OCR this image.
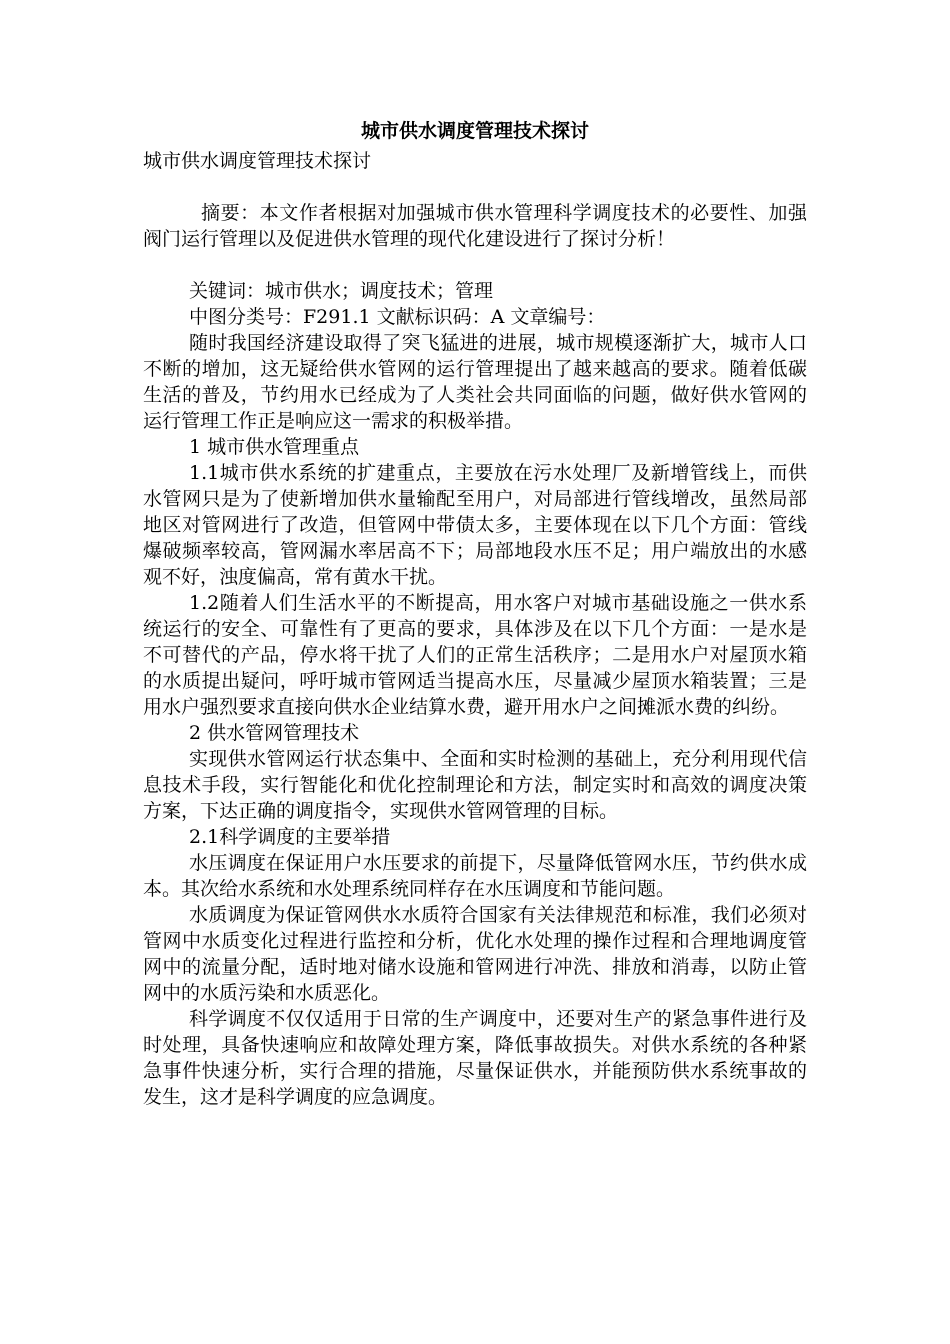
城市供水调度管理技术探讨

城市供水调度管理技术探讨

摘要：本文作者根据对加强城市供水管理科学调度技术的必要性、加强阀门运行管理以及促进供水管理的现代化建设进行了探讨分析！

关键词：城市供水；调度技术；管理

中图分类号：F291.1 文献标识码：A 文章编号：

随时我国经济建设取得了突飞猛进的进展，城市规模逐渐扩大，城市人口不断的增加，这无疑给供水管网的运行管理提出了越来越高的要求。随着低碳生活的普及，节约用水已经成为了人类社会共同面临的问题，做好供水管网的运行管理工作正是响应这一需求的积极举措。

1 城市供水管理重点

1.1城市供水系统的扩建重点，主要放在污水处理厂及新增管线上，而供水管网只是为了使新增加供水量输配至用户，对局部进行管线增改，虽然局部地区对管网进行了改造，但管网中带债太多，主要体现在以下几个方面：管线爆破频率较高，管网漏水率居高不下；局部地段水压不足；用户端放出的水感观不好，浊度偏高，常有黄水干扰。

1.2随着人们生活水平的不断提高，用水客户对城市基础设施之一供水系统运行的安全、可靠性有了更高的要求，具体涉及在以下几个方面：一是水是不可替代的产品，停水将干扰了人们的正常生活秩序；二是用水户对屋顶水箱的水质提出疑问，呼吁城市管网适当提高水压，尽量减少屋顶水箱装置；三是用水户强烈要求直接向供水企业结算水费，避开用水户之间摊派水费的纠纷。

2 供水管网管理技术

实现供水管网运行状态集中、全面和实时检测的基础上，充分利用现代信息技术手段，实行智能化和优化控制理论和方法，制定实时和高效的调度决策方案，下达正确的调度指令，实现供水管网管理的目标。

2.1科学调度的主要举措

水压调度在保证用户水压要求的前提下，尽量降低管网水压，节约供水成本。其次给水系统和水处理系统同样存在水压调度和节能问题。

水质调度为保证管网供水水质符合国家有关法律规范和标准，我们必须对管网中水质变化过程进行监控和分析，优化水处理的操作过程和合理地调度管网中的流量分配，适时地对储水设施和管网进行冲洗、排放和消毒，以防止管网中的水质污染和水质恶化。

科学调度不仅仅适用于日常的生产调度中，还要对生产的紧急事件进行及时处理，具备快速响应和故障处理方案，降低事故损失。对供水系统的各种紧急事件快速分析，实行合理的措施，尽量保证供水，并能预防供水系统事故的发生，这才是科学调度的应急调度。
